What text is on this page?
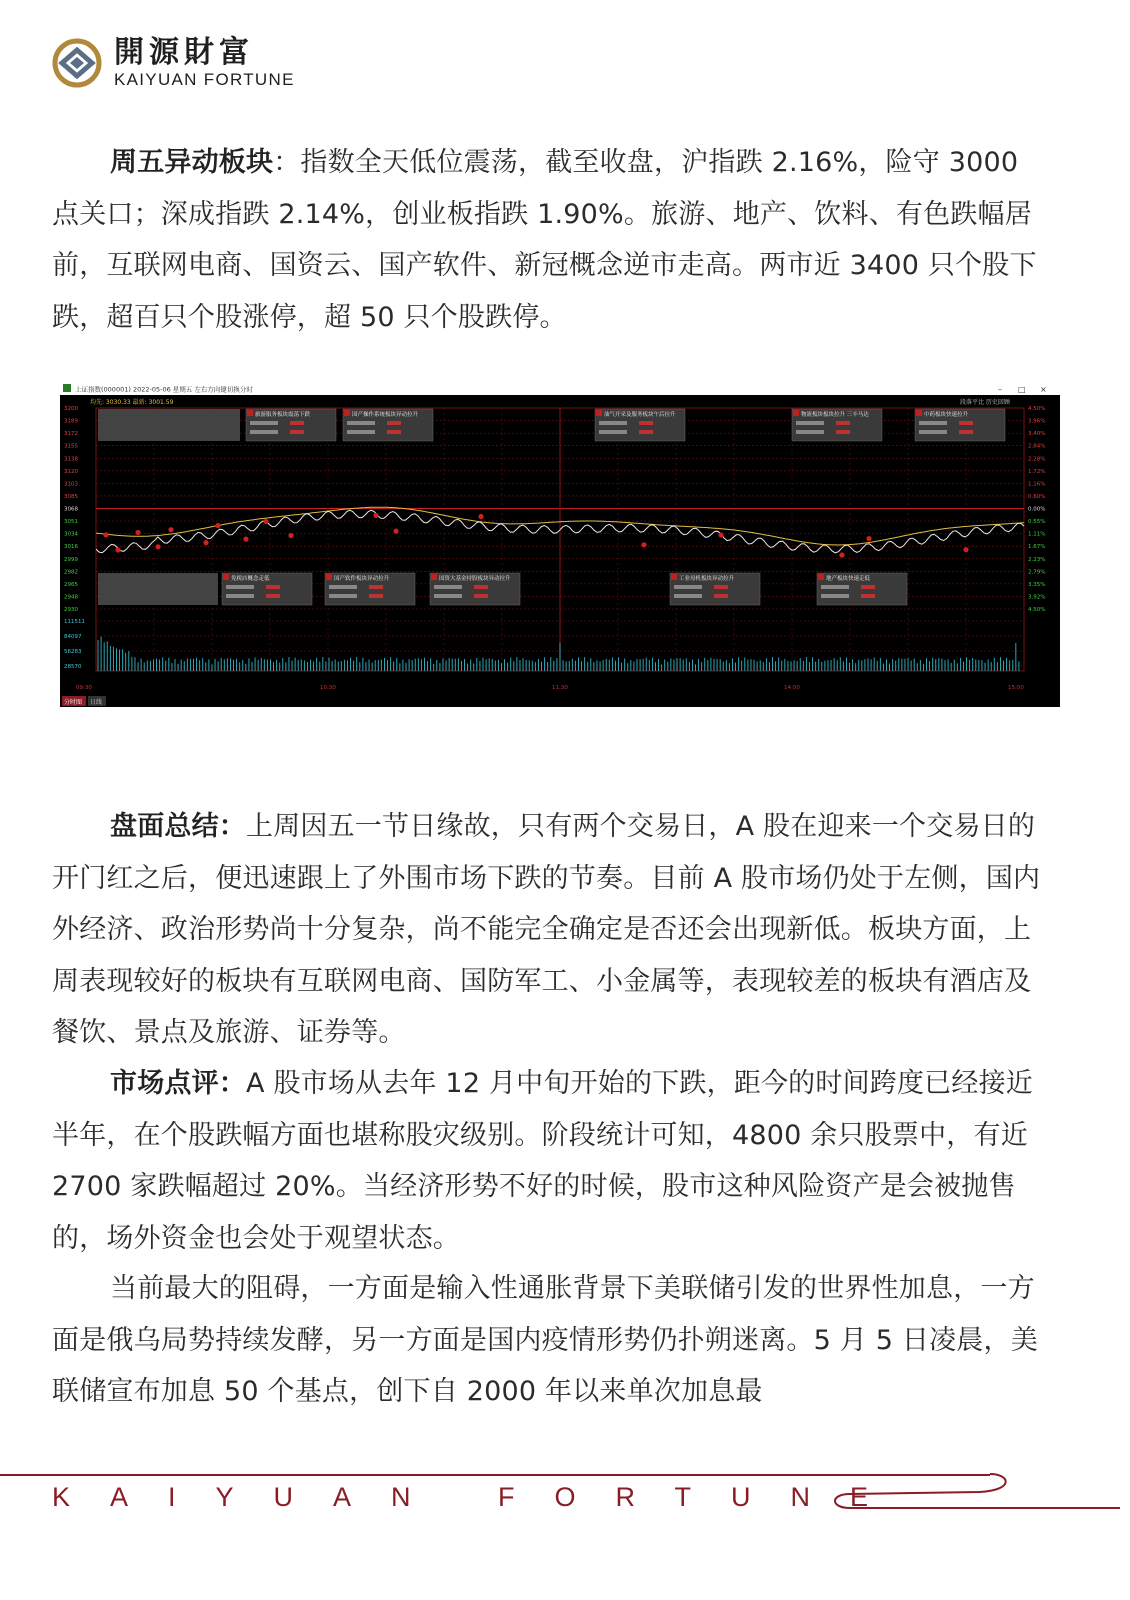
開源財富
KAIYUAN FORTUNE

周五异动板块：指数全天低位震荡，截至收盘，沪指跌 2.16%，险守 3000 点关口；深成指跌 2.14%，创业板指跌 1.90%。旅游、地产、饮料、有色跌幅居前，互联网电商、国资云、国产软件、新冠概念逆市走高。两市近 3400 只个股下跌，超百只个股涨停，超 50 只个股跌停。

上证指数(000001) 2022-05-06 星期五 左右方向键切换分时	– □ ×
均先: 3030.33 最新: 3001.59	段落平比 历史回顾
3200	4.50%
3189	3.96%
3172	3.40%
3155	2.84%
3138	2.28%
3120	1.72%
3103	1.16%
3085	0.60%
3068	0.00%
3051	0.55%
3034	1.11%
3016	1.67%
2999	2.23%
2982	2.79%
2965	3.35%
2948	3.92%
2930	4.50%
111511
84097
56283
28570
旅游服务板块震荡下跌	国产操作系统板块异动拉升	油气开采及服务板块午后拉升	物流板块板块拉升 三丰马达	中药板块快速拉升
免税店概念走低	国产软件板块异动拉升	国资大基金持股板块异动拉升	工业母机板块异动拉升	地产板块快速走低
09:30	10:30	11:30	14:00	15:00
分时图 日线

盘面总结：上周因五一节日缘故，只有两个交易日，A 股在迎来一个交易日的开门红之后，便迅速跟上了外围市场下跌的节奏。目前 A 股市场仍处于左侧，国内外经济、政治形势尚十分复杂，尚不能完全确定是否还会出现新低。板块方面，上周表现较好的板块有互联网电商、国防军工、小金属等，表现较差的板块有酒店及餐饮、景点及旅游、证券等。

市场点评：A 股市场从去年 12 月中旬开始的下跌，距今的时间跨度已经接近半年，在个股跌幅方面也堪称股灾级别。阶段统计可知，4800 余只股票中，有近 2700 家跌幅超过 20%。当经济形势不好的时候，股市这种风险资产是会被抛售的，场外资金也会处于观望状态。

当前最大的阻碍，一方面是输入性通胀背景下美联储引发的世界性加息，一方面是俄乌局势持续发酵，另一方面是国内疫情形势仍扑朔迷离。5 月 5 日凌晨，美联储宣布加息 50 个基点，创下自 2000 年以来单次加息最

KAIYUAN FORTUNE
